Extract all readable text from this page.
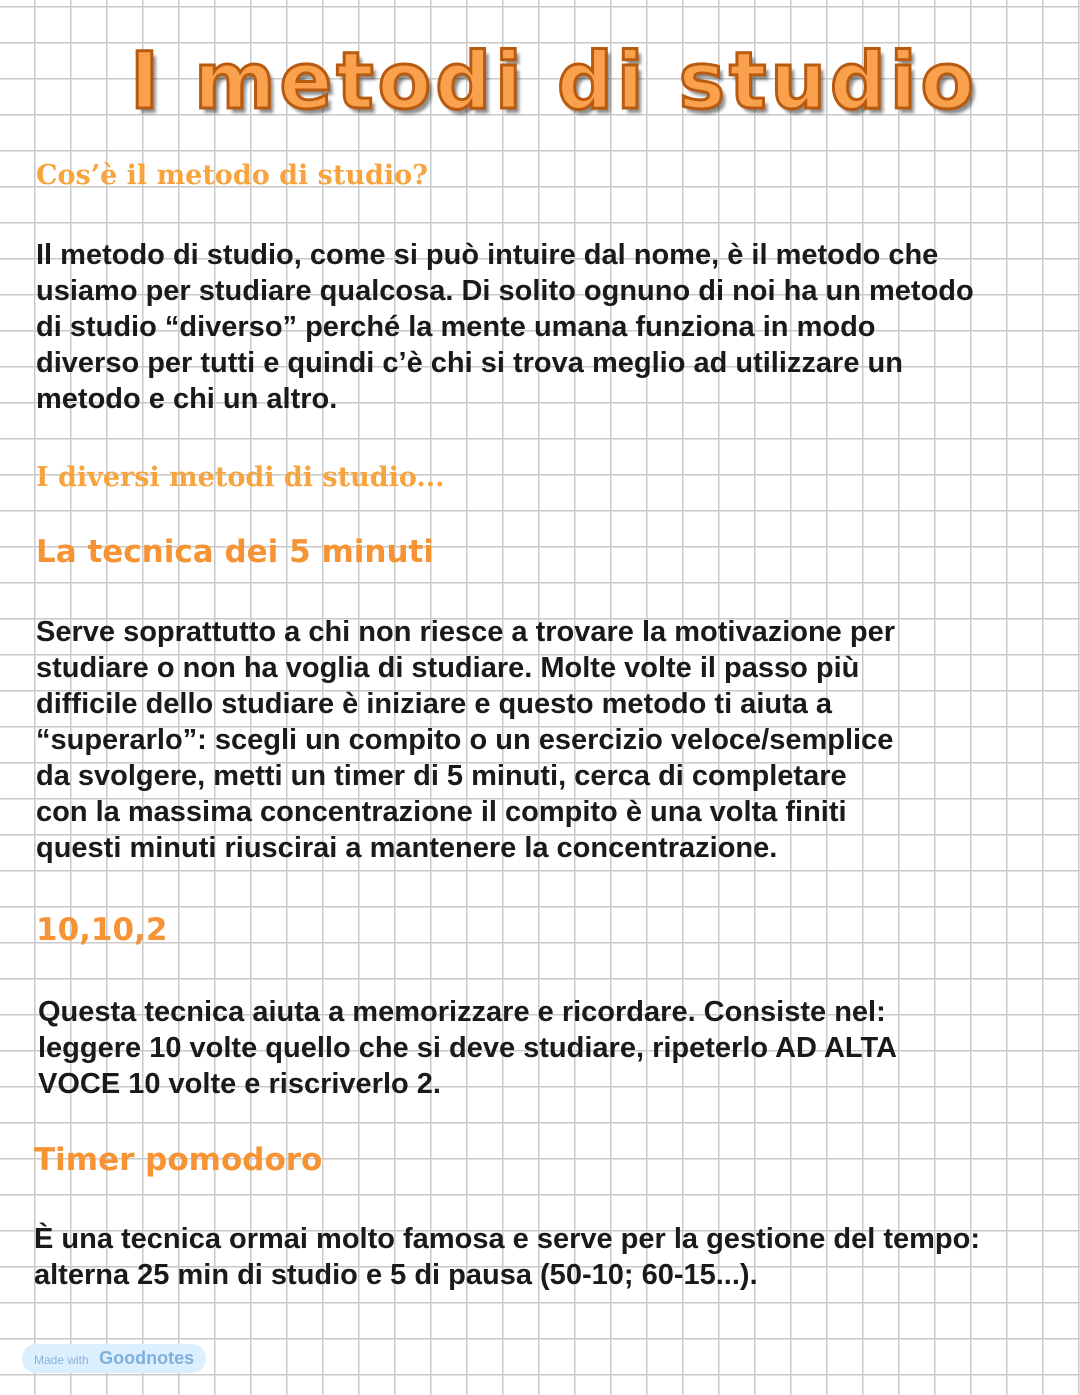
I metodi di studio
Cos’è il metodo di studio?
Il metodo di studio, come si può intuire dal nome, è il metodo che
usiamo per studiare qualcosa. Di solito ognuno di noi ha un metodo
di studio “diverso” perché la mente umana funziona in modo
diverso per tutti e quindi c’è chi si trova meglio ad utilizzare un
metodo e chi un altro.
I diversi metodi di studio...
La tecnica dei 5 minuti
Serve soprattutto a chi non riesce a trovare la motivazione per
studiare o non ha voglia di studiare. Molte volte il passo più
difficile dello studiare è iniziare e questo metodo ti aiuta a
“superarlo”: scegli un compito o un esercizio veloce/semplice
da svolgere, metti un timer di 5 minuti, cerca di completare
con la massima concentrazione il compito è una volta finiti
questi minuti riuscirai a mantenere la concentrazione.
10,10,2
Questa tecnica aiuta a memorizzare e ricordare. Consiste nel:
leggere 10 volte quello che si deve studiare, ripeterlo AD ALTA
VOCE 10 volte e riscriverlo 2.
Timer pomodoro
È una tecnica ormai molto famosa e serve per la gestione del tempo:
alterna 25 min di studio e 5 di pausa (50-10; 60-15...).
Made with Goodnotes
